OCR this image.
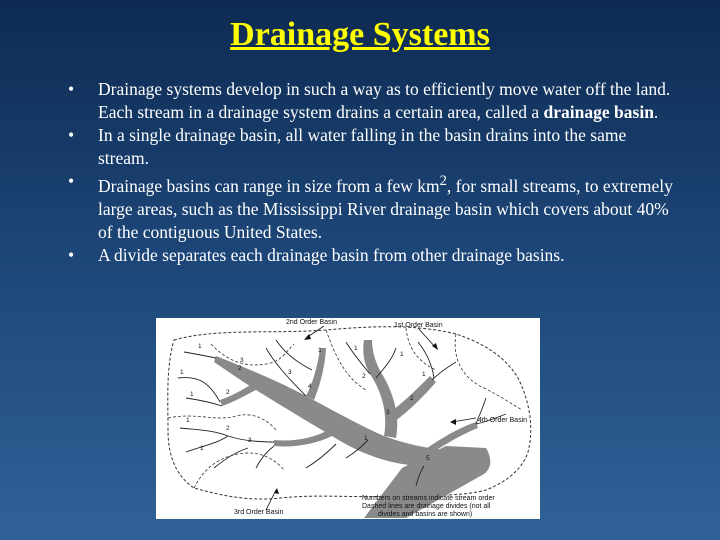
Drainage Systems
• Drainage systems develop in such a way as to efficiently move water off the land. Each stream in a drainage system drains a certain area, called a drainage basin.
• In a single drainage basin, all water falling in the basin drains into the same stream.
• Drainage basins can range in size from a few $km^2$, for small streams, to extremely large areas, such as the Mississippi River drainage basin which covers about 40% of the contiguous United States.
• A divide separates each drainage basin from other drainage basins.
1
1
1
2
2
3
3
4
1	1
2
1
1
2
3
1
2
1
3	1
5
2nd Order Basin	1st Order Basin
4th Order Basin
3rd Order Basin
Numbers on streams indicate stream order
Dashed lines are drainage divides (not all
divides and basins are shown)
